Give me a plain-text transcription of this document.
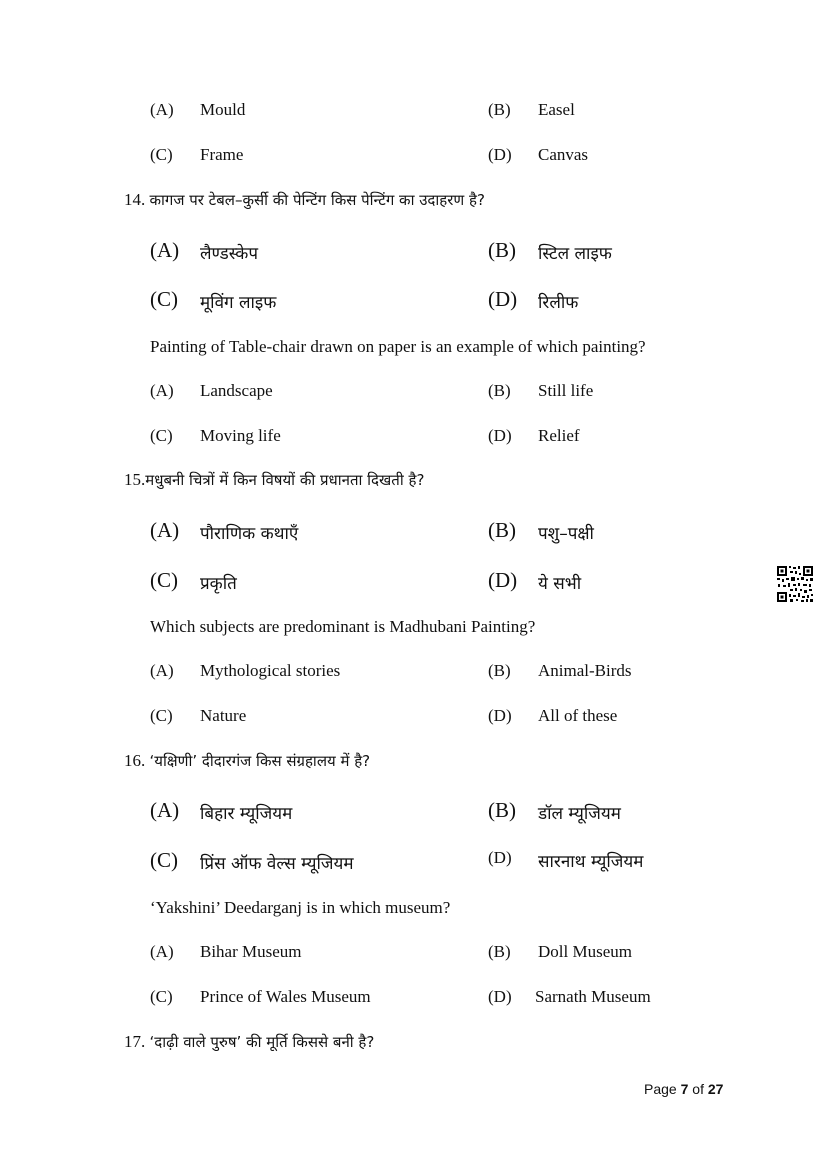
(A) Mould	(B) Easel
(C) Frame	(D) Canvas
14. कागज पर टेबल–कुर्सी की पेन्टिंग किस पेन्टिंग का उदाहरण है?
(A) लैण्डस्केप	(B) स्टिल लाइफ
(C) मूविंग लाइफ	(D) रिलीफ
Painting of Table-chair drawn on paper is an example of which painting?
(A) Landscape	(B) Still life
(C) Moving life	(D) Relief
15.मधुबनी चित्रों में किन विषयों की प्रधानता दिखती है?
(A) पौराणिक कथाएँ	(B) पशु–पक्षी
(C) प्रकृति	(D) ये सभी
Which subjects are predominant is Madhubani Painting?
(A) Mythological stories	(B) Animal-Birds
(C) Nature	(D) All of these
16. ‘यक्षिणी’ दीदारगंज किस संग्रहालय में है?
(A) बिहार म्यूजियम	(B) डॉल म्यूजियम
(C) प्रिंस ऑफ वेल्स म्यूजियम	(D) सारनाथ म्यूजियम
‘Yakshini’ Deedarganj is in which museum?
(A) Bihar Museum	(B) Doll Museum
(C) Prince of Wales Museum	(D) Sarnath Museum
17. ‘दाढ़ी वाले पुरुष’ की मूर्ति किससे बनी है?
Page 7 of 27
